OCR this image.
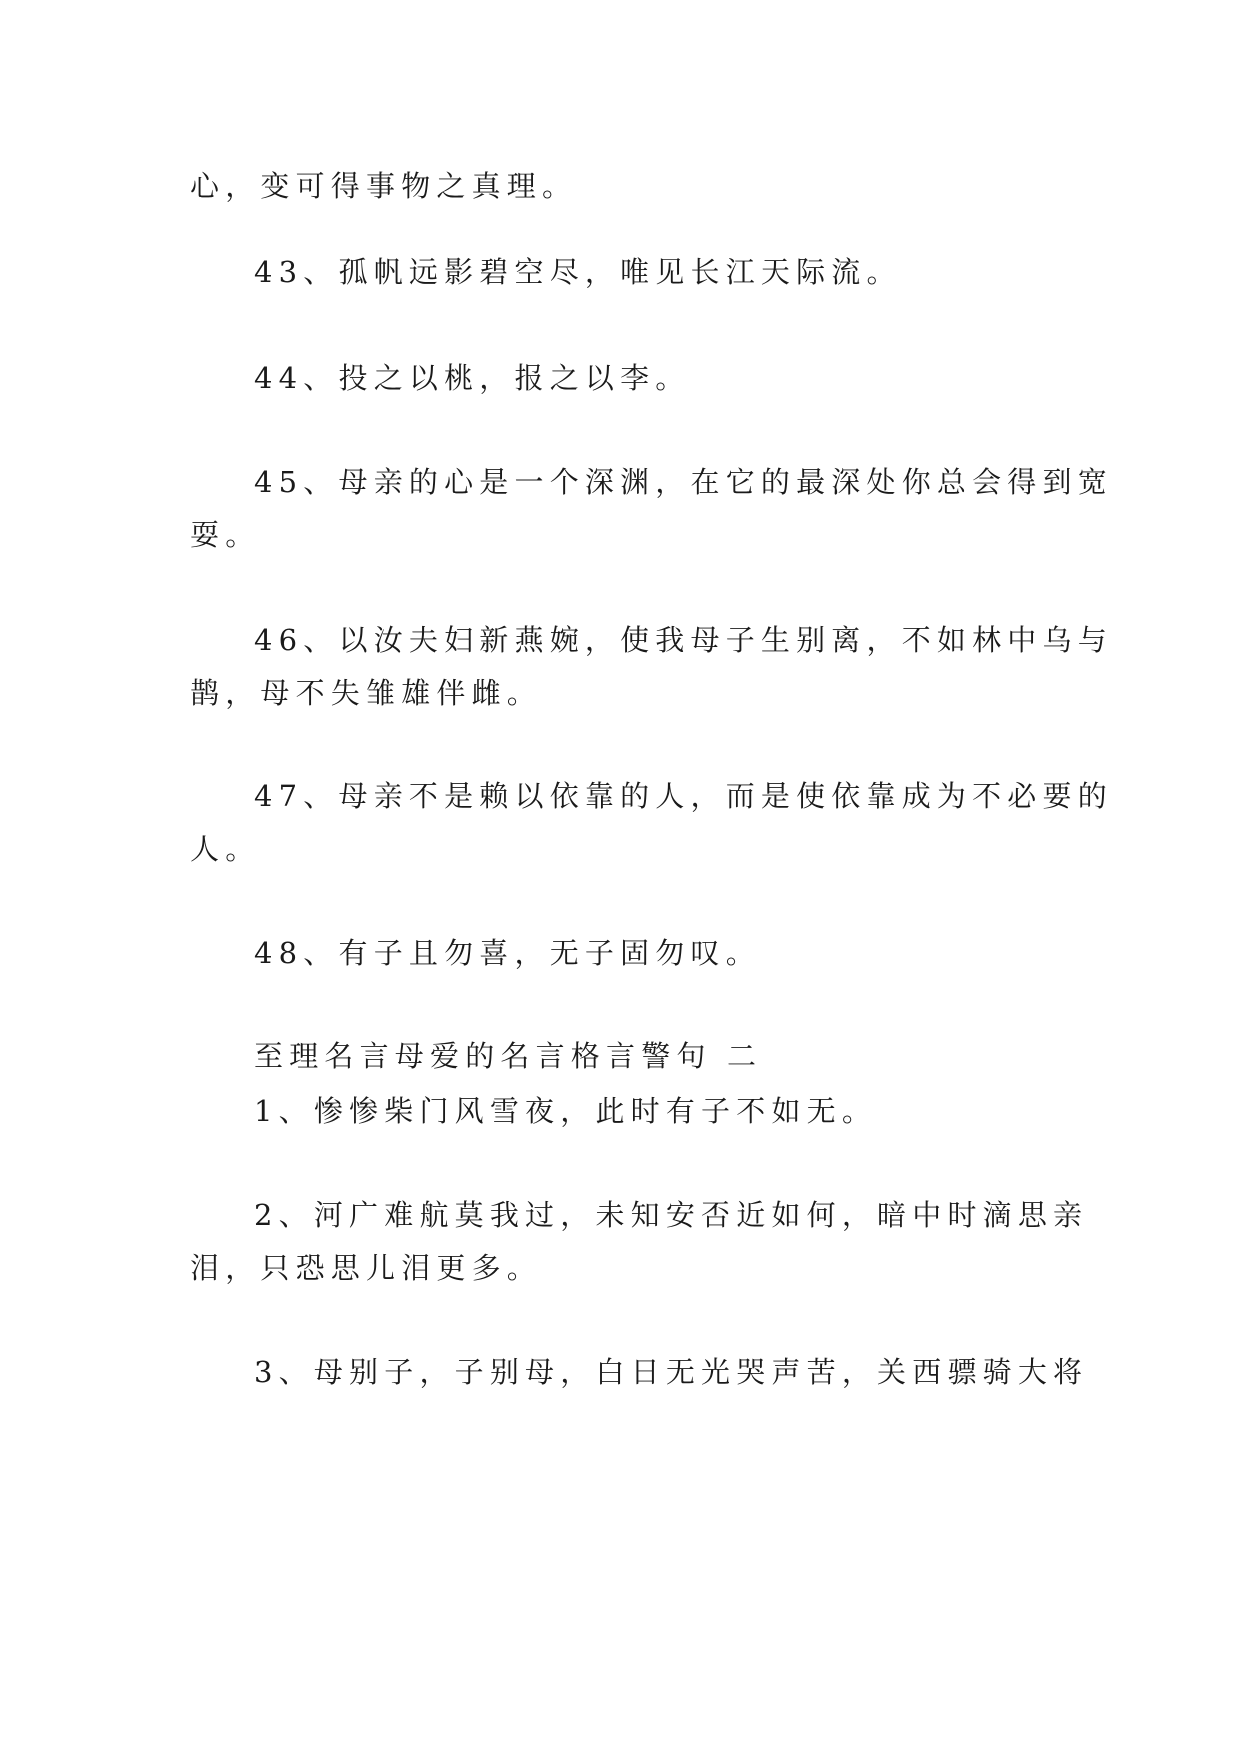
心，变可得事物之真理。

43、孤帆远影碧空尽，唯见长江天际流。

44、投之以桃，报之以李。

45、母亲的心是一个深渊，在它的最深处你总会得到宽

耍。

46、以汝夫妇新燕婉，使我母子生别离，不如林中乌与

鹊，母不失雏雄伴雌。

47、母亲不是赖以依靠的人，而是使依靠成为不必要的

人。

48、有子且勿喜，无子固勿叹。

至理名言母爱的名言格言警句 二

1、惨惨柴门风雪夜，此时有子不如无。

2、河广难航莫我过，未知安否近如何，暗中时滴思亲

泪，只恐思儿泪更多。

3、母别子，子别母，白日无光哭声苦，关西骠骑大将
